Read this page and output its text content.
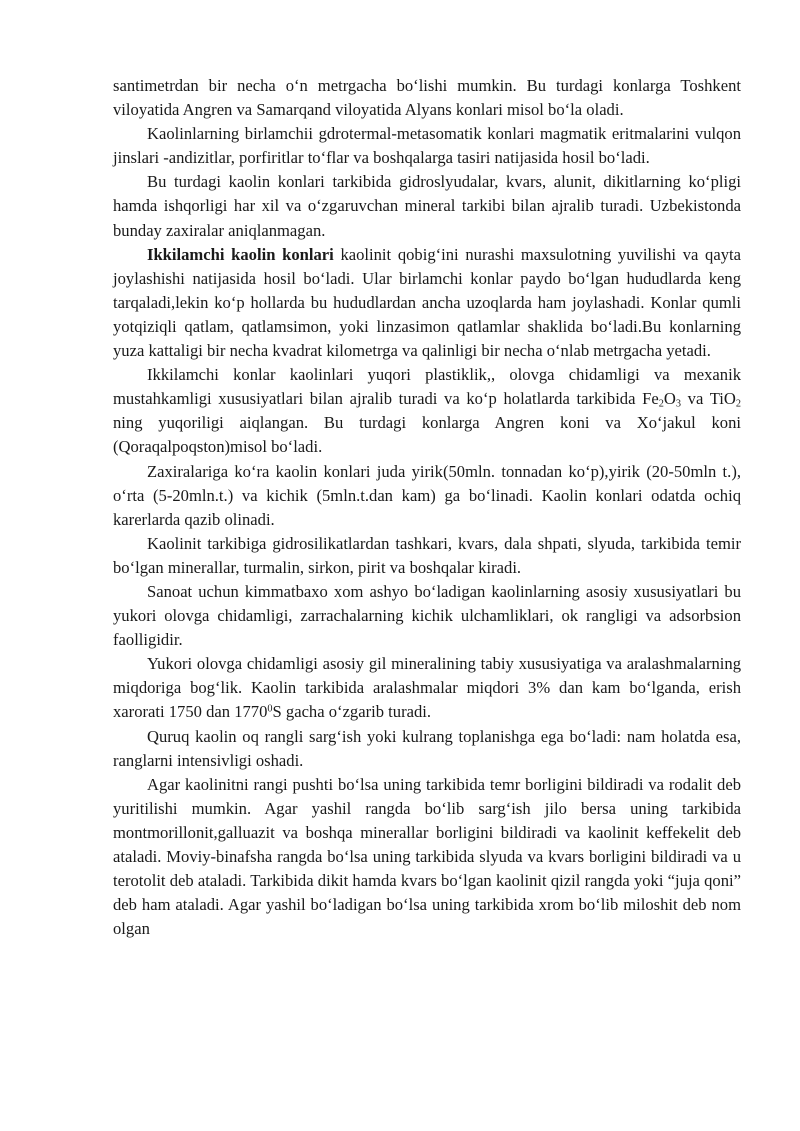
santimetrdan bir necha o‘n metrgacha bo‘lishi mumkin. Bu turdagi konlarga Toshkent viloyatida Angren va Samarqand viloyatida Alyans konlari misol bo‘la oladi.

Kaolinlarning birlamchii gdrotermal-metasomatik konlari magmatik eritmalarini vulqon jinslari -andizitlar, porfiritlar to‘flar va boshqalarga tasiri natijasida hosil bo‘ladi.

Bu turdagi kaolin konlari tarkibida gidroslyudalar, kvars, alunit, dikitlarning ko‘pligi hamda ishqorligi har xil va o‘zgaruvchan mineral tarkibi bilan ajralib turadi. Uzbekistonda bunday zaxiralar aniqlanmagan.

Ikkilamchi kaolin konlari kaolinit qobig‘ini nurashi maxsulotning yuvilishi va qayta joylashishi natijasida hosil bo‘ladi. Ular birlamchi konlar paydo bo‘lgan hududlarda keng tarqaladi,lekin ko‘p hollarda bu hududlardan ancha uzoqlarda ham joylashadi. Konlar qumli yotqiziqli qatlam, qatlamsimon, yoki linzasimon qatlamlar shaklida bo‘ladi.Bu konlarning yuza kattaligi bir necha kvadrat kilometrga va qalinligi bir necha o‘nlab metrgacha yetadi.

Ikkilamchi konlar kaolinlari yuqori plastiklik,, olovga chidamligi va mexanik mustahkamligi xususiyatlari bilan ajralib turadi va ko‘p holatlarda tarkibida $Fe_2O_3$ va TiO$_2$ ning yuqoriligi aiqlangan. Bu turdagi konlarga Angren koni va Xo‘jakul koni (Qoraqalpoqston)misol bo‘ladi.

Zaxiralariga ko‘ra kaolin konlari juda yirik(50mln. tonnadan ko‘p),yirik (20-50mln t.), o‘rta (5-20mln.t.) va kichik (5mln.t.dan kam) ga bo‘linadi. Kaolin konlari odatda ochiq karerlarda qazib olinadi.

Kaolinit tarkibiga gidrosilikatlardan tashkari, kvars, dala shpati, slyuda, tarkibida temir bo‘lgan minerallar, turmalin, sirkon, pirit va boshqalar kiradi.

Sanoat uchun kimmatbaxo xom ashyo bo‘ladigan kaolinlarning asosiy xususiyatlari bu yukori olovga chidamligi, zarrachalarning kichik ulchamliklari, ok rangligi va adsorbsion faolligidir.

Yukori olovga chidamligi asosiy gil mineralining tabiy xususiyatiga va aralashmalarning miqdoriga bog‘lik. Kaolin tarkibida aralashmalar miqdori 3% dan kam bo‘lganda, erish xarorati 1750 dan 1770$^0$S gacha o‘zgarib turadi.

Quruq kaolin oq rangli sarg‘ish yoki kulrang toplanishga ega bo‘ladi: nam holatda esa, ranglarni intensivligi oshadi.

Agar kaolinitni rangi pushti bo‘lsa uning tarkibida temr borligini bildiradi va rodalit deb yuritilishi mumkin. Agar yashil rangda bo‘lib sarg‘ish jilo bersa uning tarkibida montmorillonit,galluazit va boshqa minerallar borligini bildiradi va kaolinit keffekelit deb ataladi. Moviy-binafsha rangda bo‘lsa uning tarkibida slyuda va kvars borligini bildiradi va u terotolit deb ataladi. Tarkibida dikit hamda kvars bo‘lgan kaolinit qizil rangda yoki “juja qoni” deb ham ataladi. Agar yashil bo‘ladigan bo‘lsa uning tarkibida xrom bo‘lib miloshit deb nom olgan
